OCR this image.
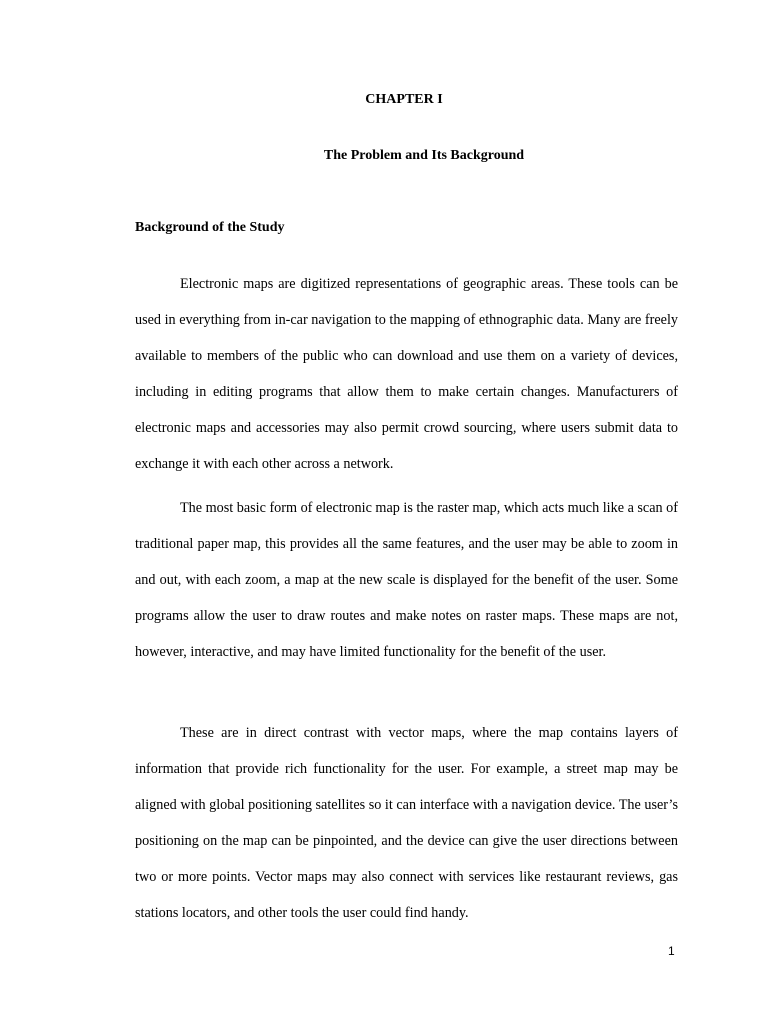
CHAPTER I
The Problem and Its Background
Background of the Study

Electronic maps are digitized representations of geographic areas. These tools can be used in everything from in-car navigation to the mapping of ethnographic data. Many are freely available to members of the public who can download and use them on a variety of devices, including in editing programs that allow them to make certain changes. Manufacturers of electronic maps and accessories may also permit crowd sourcing, where users submit data to exchange it with each other across a network.

The most basic form of electronic map is the raster map, which acts much like a scan of traditional paper map, this provides all the same features, and the user may be able to zoom in and out, with each zoom, a map at the new scale is displayed for the benefit of the user. Some programs allow the user to draw routes and make notes on raster maps. These maps are not, however, interactive, and may have limited functionality for the benefit of the user.

These are in direct contrast with vector maps, where the map contains layers of information that provide rich functionality for the user. For example, a street map may be aligned with global positioning satellites so it can interface with a navigation device. The user’s positioning on the map can be pinpointed, and the device can give the user directions between two or more points. Vector maps may also connect with services like restaurant reviews, gas stations locators, and other tools the user could find handy.

1
